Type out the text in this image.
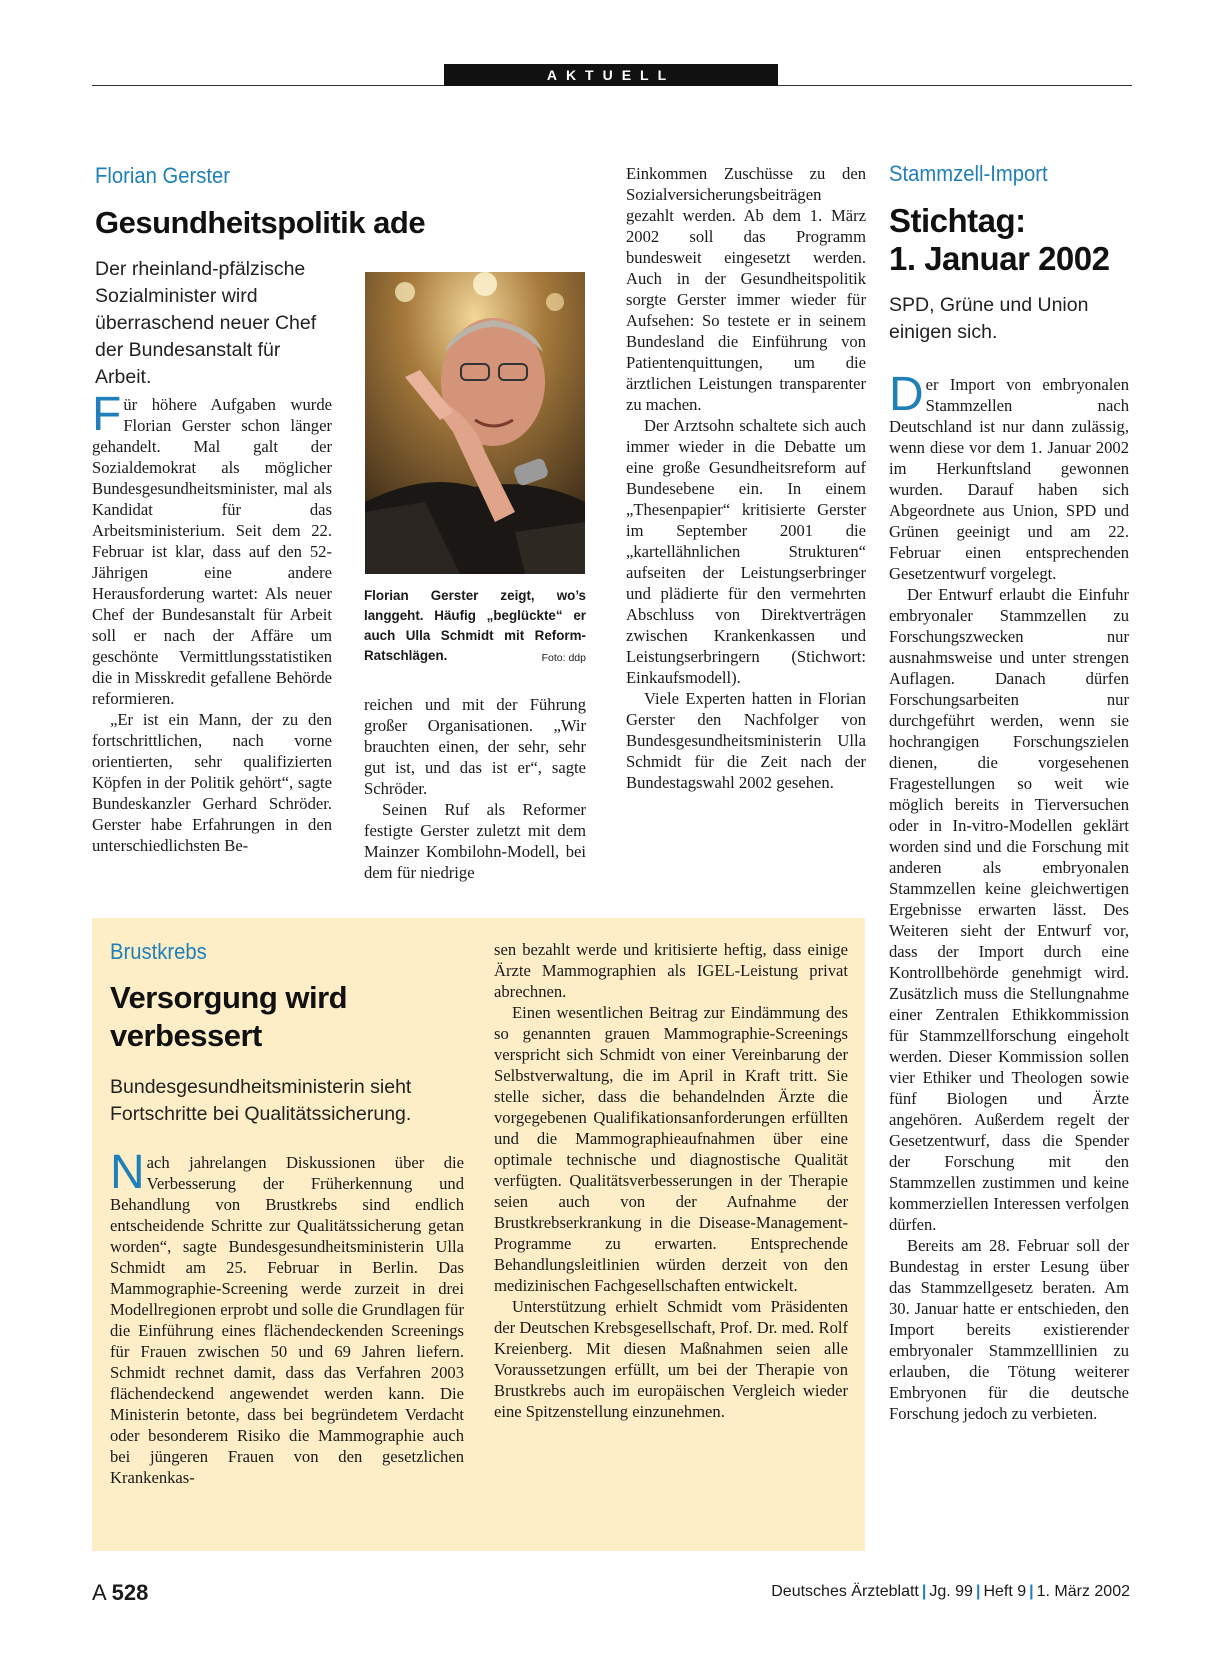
AKTUELL
Florian Gerster
Gesundheitspolitik ade
Der rheinland-pfälzische Sozialminister wird überraschend neuer Chef der Bundesanstalt für Arbeit.

Für höhere Aufgaben wurde Florian Gerster schon länger gehandelt. Mal galt der Sozialdemokrat als möglicher Bundesgesundheitsminister, mal als Kandidat für das Arbeitsministerium. Seit dem 22. Februar ist klar, dass auf den 52-Jährigen eine andere Herausforderung wartet: Als neuer Chef der Bundesanstalt für Arbeit soll er nach der Affäre um geschönte Vermittlungsstatistiken die in Misskredit gefallene Behörde reformieren.

„Er ist ein Mann, der zu den fortschrittlichen, nach vorne orientierten, sehr qualifizierten Köpfen in der Politik gehört“, sagte Bundeskanzler Gerhard Schröder. Gerster habe Erfahrungen in den unterschiedlichsten Be-

Florian Gerster zeigt, wo’s langgeht. Häufig „beglückte“ er auch Ulla Schmidt mit Reform-Ratschlägen.	Foto: ddp

reichen und mit der Führung großer Organisationen. „Wir brauchten einen, der sehr, sehr gut ist, und das ist er“, sagte Schröder.

Seinen Ruf als Reformer festigte Gerster zuletzt mit dem Mainzer Kombilohn-Modell, bei dem für niedrige

Einkommen Zuschüsse zu den Sozialversicherungsbeiträgen gezahlt werden. Ab dem 1. März 2002 soll das Programm bundesweit eingesetzt werden. Auch in der Gesundheitspolitik sorgte Gerster immer wieder für Aufsehen: So testete er in seinem Bundesland die Einführung von Patientenquittungen, um die ärztlichen Leistungen transparenter zu machen.

Der Arztsohn schaltete sich auch immer wieder in die Debatte um eine große Gesundheitsreform auf Bundesebene ein. In einem „Thesenpapier“ kritisierte Gerster im September 2001 die „kartellähnlichen Strukturen“ aufseiten der Leistungserbringer und plädierte für den vermehrten Abschluss von Direktverträgen zwischen Krankenkassen und Leistungserbringern (Stichwort: Einkaufsmodell).

Viele Experten hatten in Florian Gerster den Nachfolger von Bundesgesundheitsministerin Ulla Schmidt für die Zeit nach der Bundestagswahl 2002 gesehen.

Stammzell-Import
Stichtag:
1. Januar 2002
SPD, Grüne und Union einigen sich.

Der Import von embryonalen Stammzellen nach Deutschland ist nur dann zulässig, wenn diese vor dem 1. Januar 2002 im Herkunftsland gewonnen wurden. Darauf haben sich Abgeordnete aus Union, SPD und Grünen geeinigt und am 22. Februar einen entsprechenden Gesetzentwurf vorgelegt.

Der Entwurf erlaubt die Einfuhr embryonaler Stammzellen zu Forschungszwecken nur ausnahmsweise und unter strengen Auflagen. Danach dürfen Forschungsarbeiten nur durchgeführt werden, wenn sie hochrangigen Forschungszielen dienen, die vorgesehenen Fragestellungen so weit wie möglich bereits in Tierversuchen oder in In-vitro-Modellen geklärt worden sind und die Forschung mit anderen als embryonalen Stammzellen keine gleichwertigen Ergebnisse erwarten lässt. Des Weiteren sieht der Entwurf vor, dass der Import durch eine Kontrollbehörde genehmigt wird. Zusätzlich muss die Stellungnahme einer Zentralen Ethikkommission für Stammzellforschung eingeholt werden. Dieser Kommission sollen vier Ethiker und Theologen sowie fünf Biologen und Ärzte angehören. Außerdem regelt der Gesetzentwurf, dass die Spender der Forschung mit den Stammzellen zustimmen und keine kommerziellen Interessen verfolgen dürfen.

Bereits am 28. Februar soll der Bundestag in erster Lesung über das Stammzellgesetz beraten. Am 30. Januar hatte er entschieden, den Import bereits existierender embryonaler Stammzelllinien zu erlauben, die Tötung weiterer Embryonen für die deutsche Forschung jedoch zu verbieten.

Brustkrebs
Versorgung wird
verbessert
Bundesgesundheitsministerin sieht Fortschritte bei Qualitätssicherung.

Nach jahrelangen Diskussionen über die Verbesserung der Früherkennung und Behandlung von Brustkrebs sind endlich entscheidende Schritte zur Qualitätssicherung getan worden“, sagte Bundesgesundheitsministerin Ulla Schmidt am 25. Februar in Berlin. Das Mammographie-Screening werde zurzeit in drei Modellregionen erprobt und solle die Grundlagen für die Einführung eines flächendeckenden Screenings für Frauen zwischen 50 und 69 Jahren liefern. Schmidt rechnet damit, dass das Verfahren 2003 flächendeckend angewendet werden kann. Die Ministerin betonte, dass bei begründetem Verdacht oder besonderem Risiko die Mammographie auch bei jüngeren Frauen von den gesetzlichen Krankenkas-

sen bezahlt werde und kritisierte heftig, dass einige Ärzte Mammographien als IGEL-Leistung privat abrechnen.

Einen wesentlichen Beitrag zur Eindämmung des so genannten grauen Mammographie-Screenings verspricht sich Schmidt von einer Vereinbarung der Selbstverwaltung, die im April in Kraft tritt. Sie stelle sicher, dass die behandelnden Ärzte die vorgegebenen Qualifikationsanforderungen erfüllten und die Mammographieaufnahmen über eine optimale technische und diagnostische Qualität verfügten. Qualitätsverbesserungen in der Therapie seien auch von der Aufnahme der Brustkrebserkrankung in die Disease-Management-Programme zu erwarten. Entsprechende Behandlungsleitlinien würden derzeit von den medizinischen Fachgesellschaften entwickelt.

Unterstützung erhielt Schmidt vom Präsidenten der Deutschen Krebsgesellschaft, Prof. Dr. med. Rolf Kreienberg. Mit diesen Maßnahmen seien alle Voraussetzungen erfüllt, um bei der Therapie von Brustkrebs auch im europäischen Vergleich wieder eine Spitzenstellung einzunehmen.

A 528	Deutsches Ärzteblatt | Jg. 99 | Heft 9 | 1. März 2002
